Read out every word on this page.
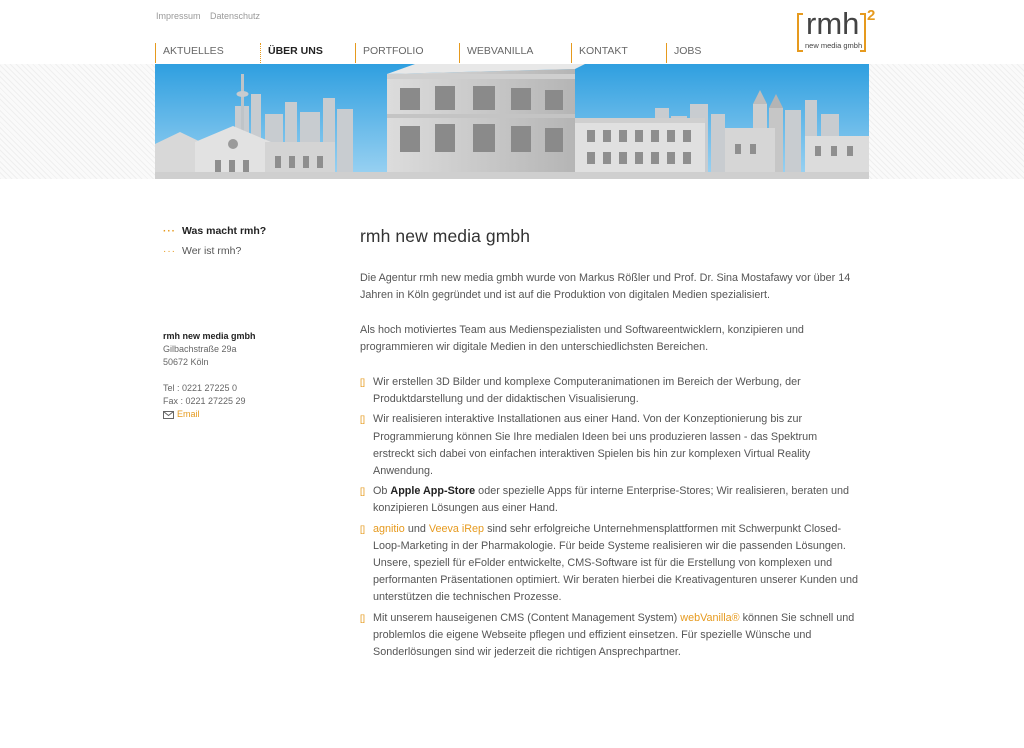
Impressum Datenschutz	rmh 2
new media gmbh
AKTUELLES	ÜBER UNS	PORTFOLIO	WEBVANILLA	KONTAKT	JOBS
··· Was macht rmh?
··· Wer ist rmh?
rmh new media gmbh
Gilbachstraße 29a
50672 Köln
Tel : 0221 27225 0
Fax : 0221 27225 29
Email
rmh new media gmbh

Die Agentur rmh new media gmbh wurde von Markus Rößler und Prof. Dr. Sina Mostafawy vor über 14 Jahren in Köln gegründet und ist auf die Produktion von digitalen Medien spezialisiert.

Als hoch motiviertes Team aus Medienspezialisten und Softwareentwicklern, konzipieren und programmieren wir digitale Medien in den unterschiedlichsten Bereichen.

[] Wir erstellen 3D Bilder und komplexe Computeranimationen im Bereich der Werbung, der Produktdarstellung und der didaktischen Visualisierung.
[] Wir realisieren interaktive Installationen aus einer Hand. Von der Konzeptionierung bis zur Programmierung können Sie Ihre medialen Ideen bei uns produzieren lassen - das Spektrum erstreckt sich dabei von einfachen interaktiven Spielen bis hin zur komplexen Virtual Reality Anwendung.
[] Ob Apple App-Store oder spezielle Apps für interne Enterprise-Stores; Wir realisieren, beraten und konzipieren Lösungen aus einer Hand.
[] agnitio und Veeva iRep sind sehr erfolgreiche Unternehmensplattformen mit Schwerpunkt Closed-Loop-Marketing in der Pharmakologie. Für beide Systeme realisieren wir die passenden Lösungen. Unsere, speziell für eFolder entwickelte, CMS-Software ist für die Erstellung von komplexen und performanten Präsentationen optimiert. Wir beraten hierbei die Kreativagenturen unserer Kunden und unterstützen die technischen Prozesse.
[] Mit unserem hauseigenen CMS (Content Management System) webVanilla® können Sie schnell und problemlos die eigene Webseite pflegen und effizient einsetzen. Für spezielle Wünsche und Sonderlösungen sind wir jederzeit die richtigen Ansprechpartner.
